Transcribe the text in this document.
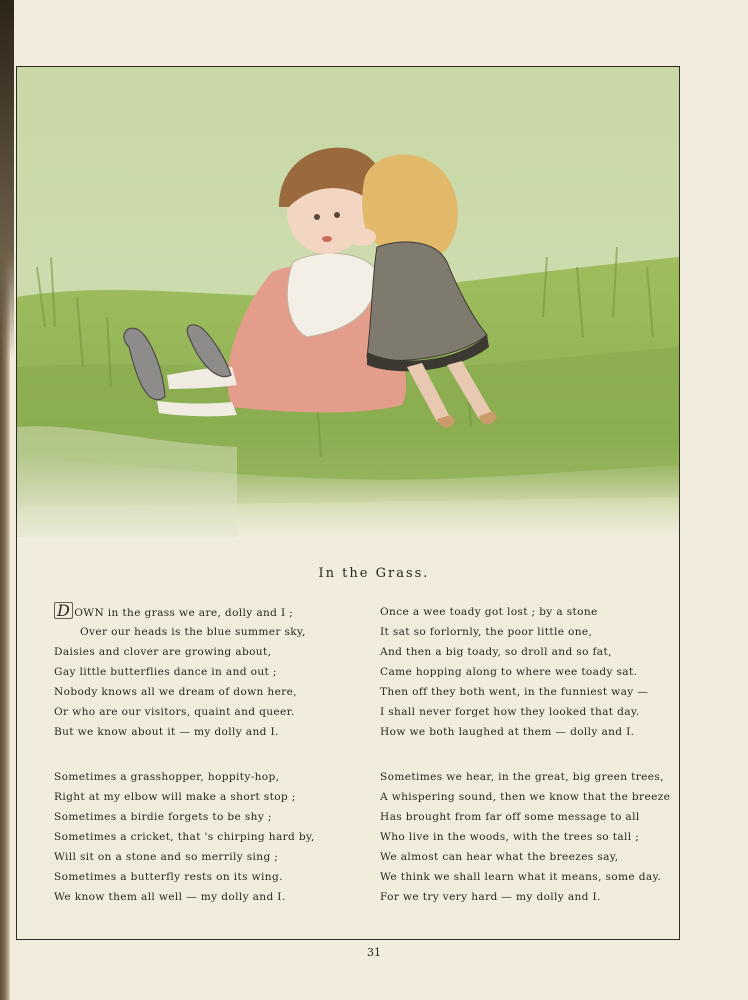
In the Grass.
D OWN in the grass we are, dolly and I ;
Over our heads is the blue summer sky,
Daisies and clover are growing about,
Gay little butterflies dance in and out ;
Nobody knows all we dream of down here,
Or who are our visitors, quaint and queer.
But we know about it — my dolly and I.
Sometimes a grasshopper, hoppity-hop,
Right at my elbow will make a short stop ;
Sometimes a birdie forgets to be shy ;
Sometimes a cricket, that 's chirping hard by,
Will sit on a stone and so merrily sing ;
Sometimes a butterfly rests on its wing.
We know them all well — my dolly and I.
Once a wee toady got lost ; by a stone
It sat so forlornly, the poor little one,
And then a big toady, so droll and so fat,
Came hopping along to where wee toady sat.
Then off they both went, in the funniest way —
I shall never forget how they looked that day.
How we both laughed at them — dolly and I.
Sometimes we hear, in the great, big green trees,
A whispering sound, then we know that the breeze
Has brought from far off some message to all
Who live in the woods, with the trees so tall ;
We almost can hear what the breezes say,
We think we shall learn what it means, some day.
For we try very hard — my dolly and I.
31
